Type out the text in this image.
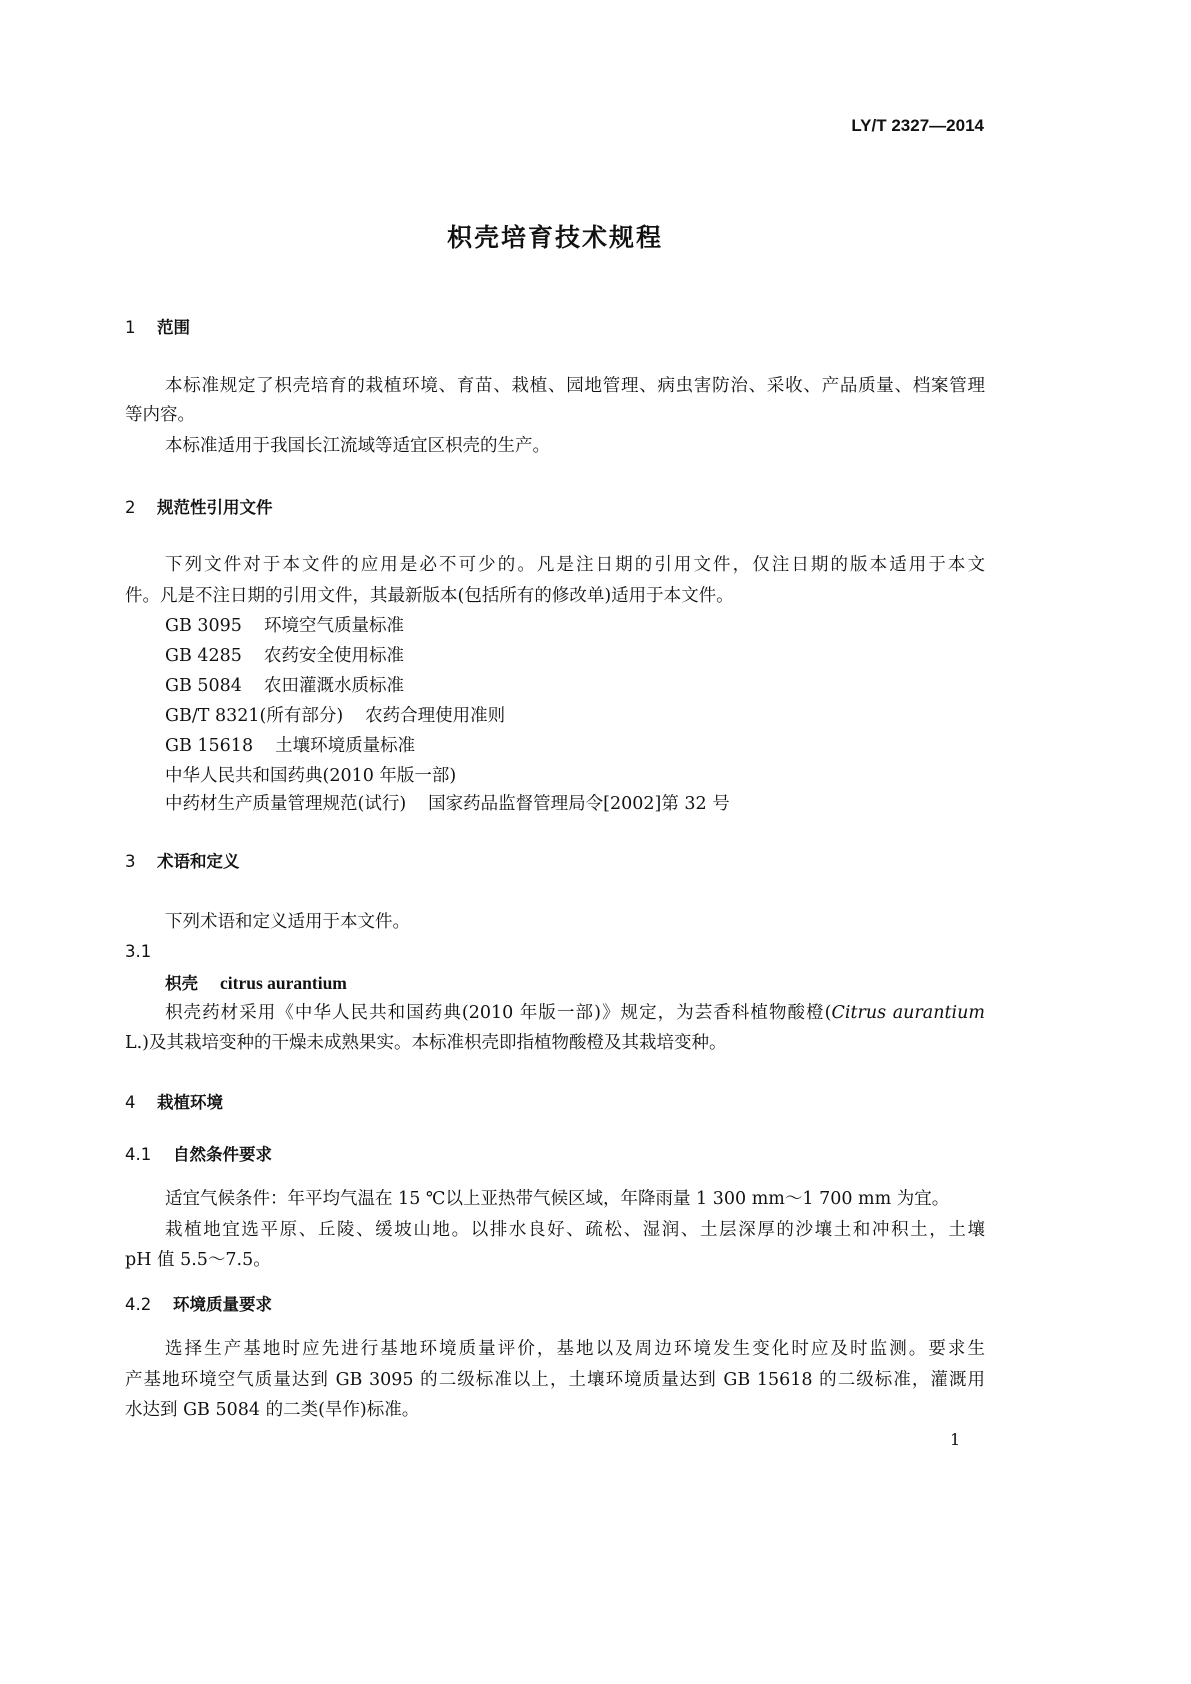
LY/T 2327—2014
枳壳培育技术规程
1 范围
本标准规定了枳壳培育的栽植环境、育苗、栽植、园地管理、病虫害防治、采收、产品质量、档案管理
等内容。
本标准适用于我国长江流域等适宜区枳壳的生产。
2 规范性引用文件
下列文件对于本文件的应用是必不可少的。凡是注日期的引用文件，仅注日期的版本适用于本文
件。凡是不注日期的引用文件，其最新版本(包括所有的修改单)适用于本文件。
GB 3095 环境空气质量标准
GB 4285 农药安全使用标准
GB 5084 农田灌溉水质标准
GB/T 8321(所有部分) 农药合理使用准则
GB 15618 土壤环境质量标准
中华人民共和国药典(2010 年版一部)
中药材生产质量管理规范(试行) 国家药品监督管理局令[2002]第 32 号
3 术语和定义
下列术语和定义适用于本文件。
3.1
枳壳 citrus aurantium
枳壳药材采用《中华人民共和国药典(2010 年版一部)》规定，为芸香科植物酸橙(Citrus aurantium
L.)及其栽培变种的干燥未成熟果实。本标准枳壳即指植物酸橙及其栽培变种。
4 栽植环境
4.1 自然条件要求
适宜气候条件：年平均气温在 15 ℃以上亚热带气候区域，年降雨量 1 300 mm～1 700 mm 为宜。
栽植地宜选平原、丘陵、缓坡山地。以排水良好、疏松、湿润、土层深厚的沙壤土和冲积土，土壤
pH 值 5.5～7.5。
4.2 环境质量要求
选择生产基地时应先进行基地环境质量评价，基地以及周边环境发生变化时应及时监测。要求生
产基地环境空气质量达到 GB 3095 的二级标准以上，土壤环境质量达到 GB 15618 的二级标准，灌溉用
水达到 GB 5084 的二类(旱作)标准。
1
